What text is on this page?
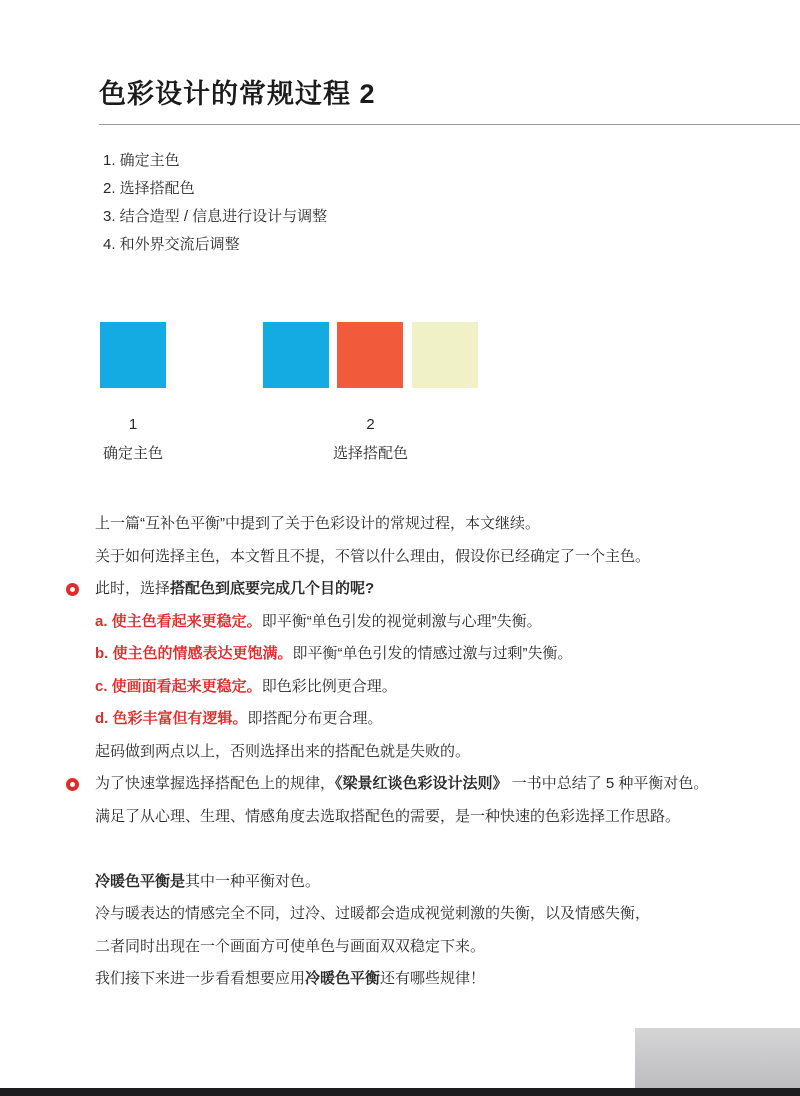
色彩设计的常规过程 2
1. 确定主色
2. 选择搭配色
3. 结合造型 / 信息进行设计与调整
4. 和外界交流后调整
1
确定主色
2
选择搭配色

上一篇“互补色平衡”中提到了关于色彩设计的常规过程，本文继续。

关于如何选择主色，本文暂且不提，不管以什么理由，假设你已经确定了一个主色。

此时，选择搭配色到底要完成几个目的呢?

a. 使主色看起来更稳定。即平衡“单色引发的视觉刺激与心理”失衡。

b. 使主色的情感表达更饱满。即平衡“单色引发的情感过激与过剩”失衡。

c. 使画面看起来更稳定。即色彩比例更合理。

d. 色彩丰富但有逻辑。即搭配分布更合理。

起码做到两点以上，否则选择出来的搭配色就是失败的。

为了快速掌握选择搭配色上的规律，《梁景红谈色彩设计法则》 一书中总结了 5 种平衡对色。

满足了从心理、生理、情感角度去选取搭配色的需要，是一种快速的色彩选择工作思路。

冷暖色平衡是其中一种平衡对色。

冷与暖表达的情感完全不同，过冷、过暖都会造成视觉刺激的失衡，以及情感失衡，

二者同时出现在一个画面方可使单色与画面双双稳定下来。

我们接下来进一步看看想要应用冷暖色平衡还有哪些规律！
